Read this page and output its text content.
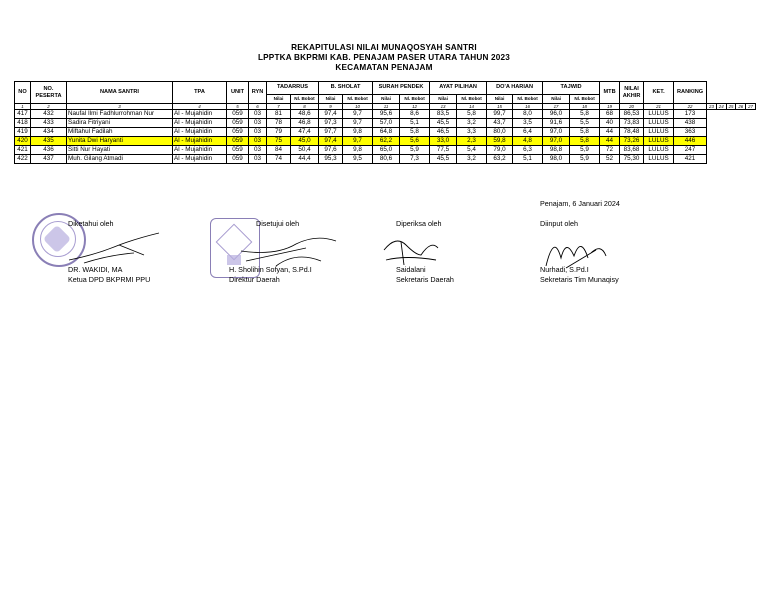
REKAPITULASI NILAI MUNAQOSYAH SANTRI
LPPTKA BKPRMI KAB. PENAJAM PASER UTARA TAHUN 2023
KECAMATAN PENAJAM
NO	NO. PESERTA	NAMA SANTRI	TPA	UNIT	RYN	TADARRUS		B. SHOLAT		SURAH PENDEK		AYAT PILIHAN		DO'A HARIAN		TAJWID		MTB	NILAI AKHIR	KET.	RANKING					
						Nilai	Nl. Bobot	Nilai	Nl. Bobot	Nilai	Nl. Bobot	Nilai	Nl. Bobot	Nilai	Nl. Bobot	Nilai	Nl. Bobot									
1	2	3	4	5	6	7	8	9	10	11	12	13	14	15	16	17	18	19	20	21	22	23	24	25	26	27
417	432	Naufal Ilmi Fadhlurrohman Nur	Al - Mujahidin	059	03	81	48,6	97,4	9,7	95,6	8,6	83,5	5,8	99,7	8,0	96,0	5,8	68	86,53	LULUS	173					
418	433	Sadira Fitriyani	Al - Mujahidin	059	03	78	46,8	97,3	9,7	57,0	5,1	45,5	3,2	43,7	3,5	91,6	5,5	40	73,83	LULUS	438					
419	434	Miftahul Fadilah	Al - Mujahidin	059	03	79	47,4	97,7	9,8	64,8	5,8	46,5	3,3	80,0	6,4	97,0	5,8	44	78,48	LULUS	363					
420	435	Yunita Dwi Haryanti	Al - Mujahidin	059	03	75	45,0	97,4	9,7	62,2	5,6	33,0	2,3	59,8	4,8	97,0	5,8	44	73,26	LULUS	446					
421	436	Sitti Nur Hayati	Al - Mujahidin	059	03	84	50,4	97,6	9,8	65,0	5,9	77,5	5,4	79,0	6,3	98,8	5,9	72	83,68	LULUS	247					
422	437	Muh. Gilang Atmadi	Al - Mujahidin	059	03	74	44,4	95,3	9,5	80,6	7,3	45,5	3,2	63,2	5,1	98,0	5,9	52	75,30	LULUS	421					
Penajam, 6 Januari 2024
Diketahui oleh
DR. WAKIDI, MA
Ketua DPD BKPRMI PPU
Disetujui oleh
H. Sholihin Sofyan, S.Pd.I
Direktur Daerah
Diperiksa oleh
Saidalani
Sekretaris Daerah
Diinput oleh
Nurhadi, S.Pd.I
Sekretaris Tim Munaqisy
